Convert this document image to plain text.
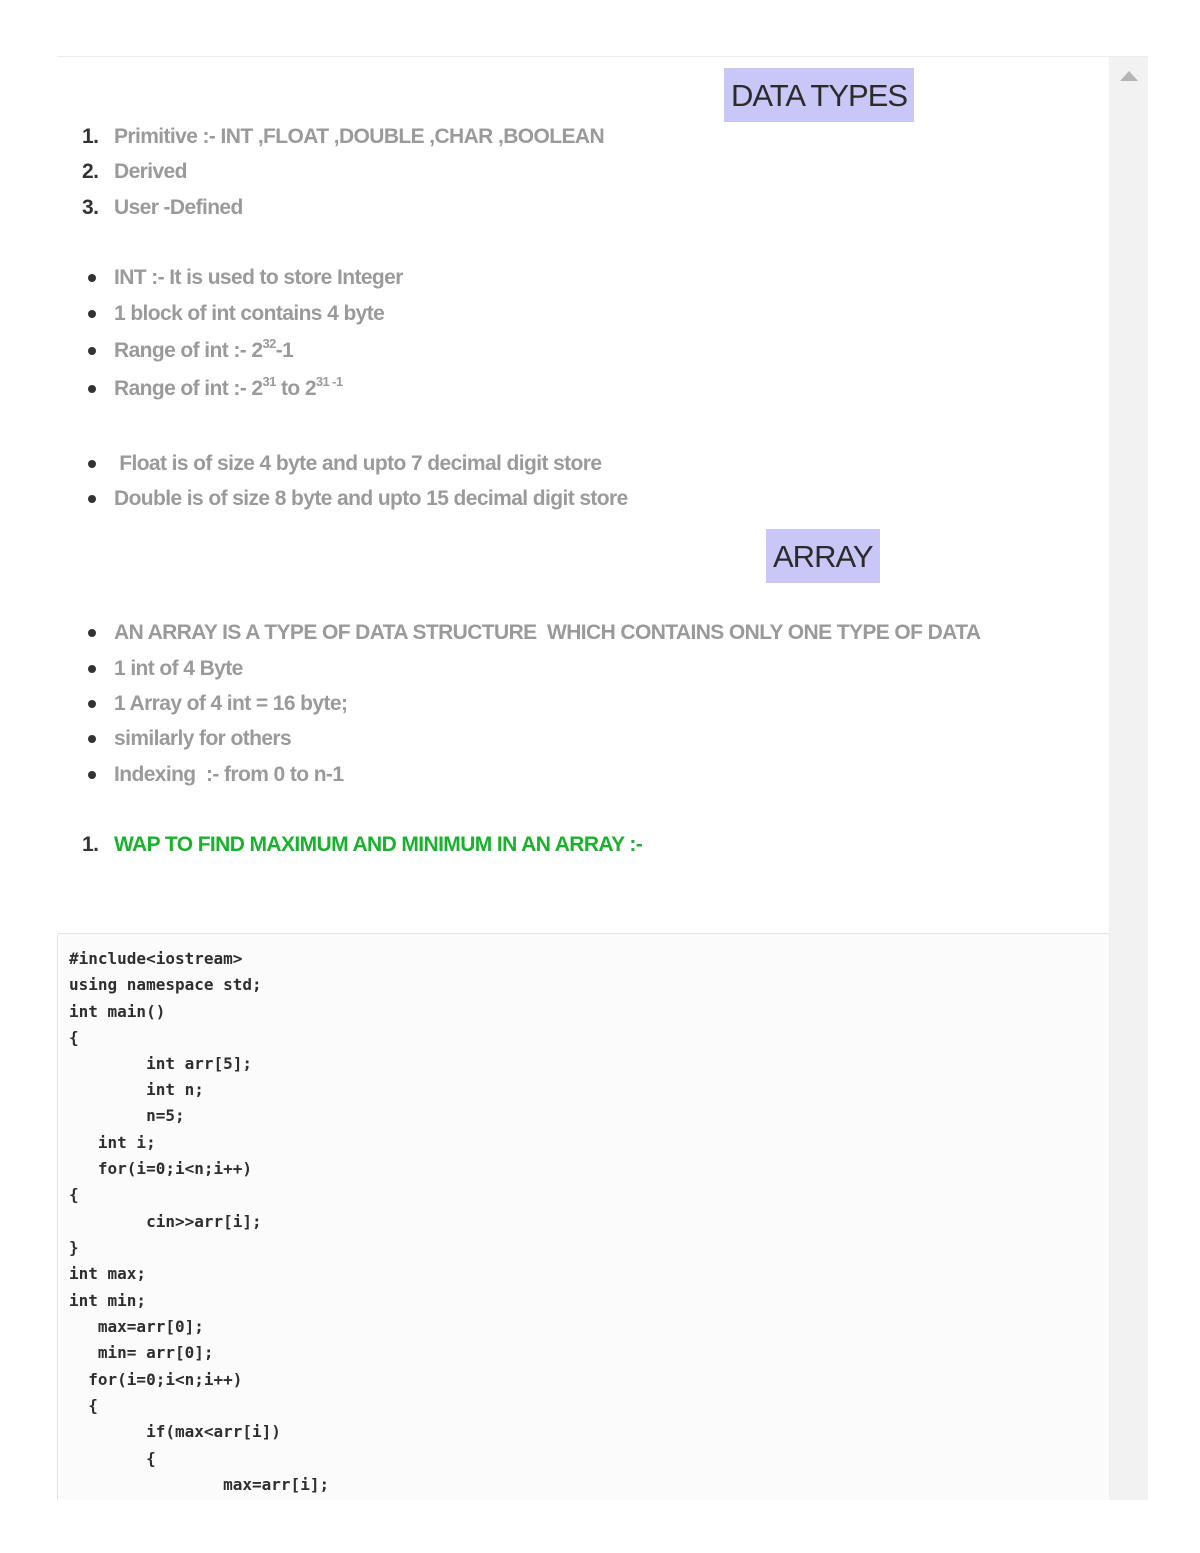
DATA TYPES
1. Primitive :- INT ,FLOAT ,DOUBLE ,CHAR ,BOOLEAN
2. Derived
3. User -Defined
INT :- It is used to store Integer
1 block of int contains 4 byte
Range of int :- $2^{32}-1$
Range of int :- $2^{31}$ to 2$^{31 -1}$
Float is of size 4 byte and upto 7 decimal digit store
Double is of size 8 byte and upto 15 decimal digit store
ARRAY
AN ARRAY IS A TYPE OF DATA STRUCTURE  WHICH CONTAINS ONLY ONE TYPE OF DATA
1 int of 4 Byte
1 Array of 4 int = 16 byte;
similarly for others
Indexing  :- from 0 to n-1
1. WAP TO FIND MAXIMUM AND MINIMUM IN AN ARRAY :-
#include<iostream>
using namespace std;
int main()
{
int arr[5];
int n;
n=5;
int i;
for(i=0;i<n;i++)
{
cin>>arr[i];
}
int max;
int min;
max=arr[0];
min= arr[0];
for(i=0;i<n;i++)
{
if(max<arr[i])
{
max=arr[i];
